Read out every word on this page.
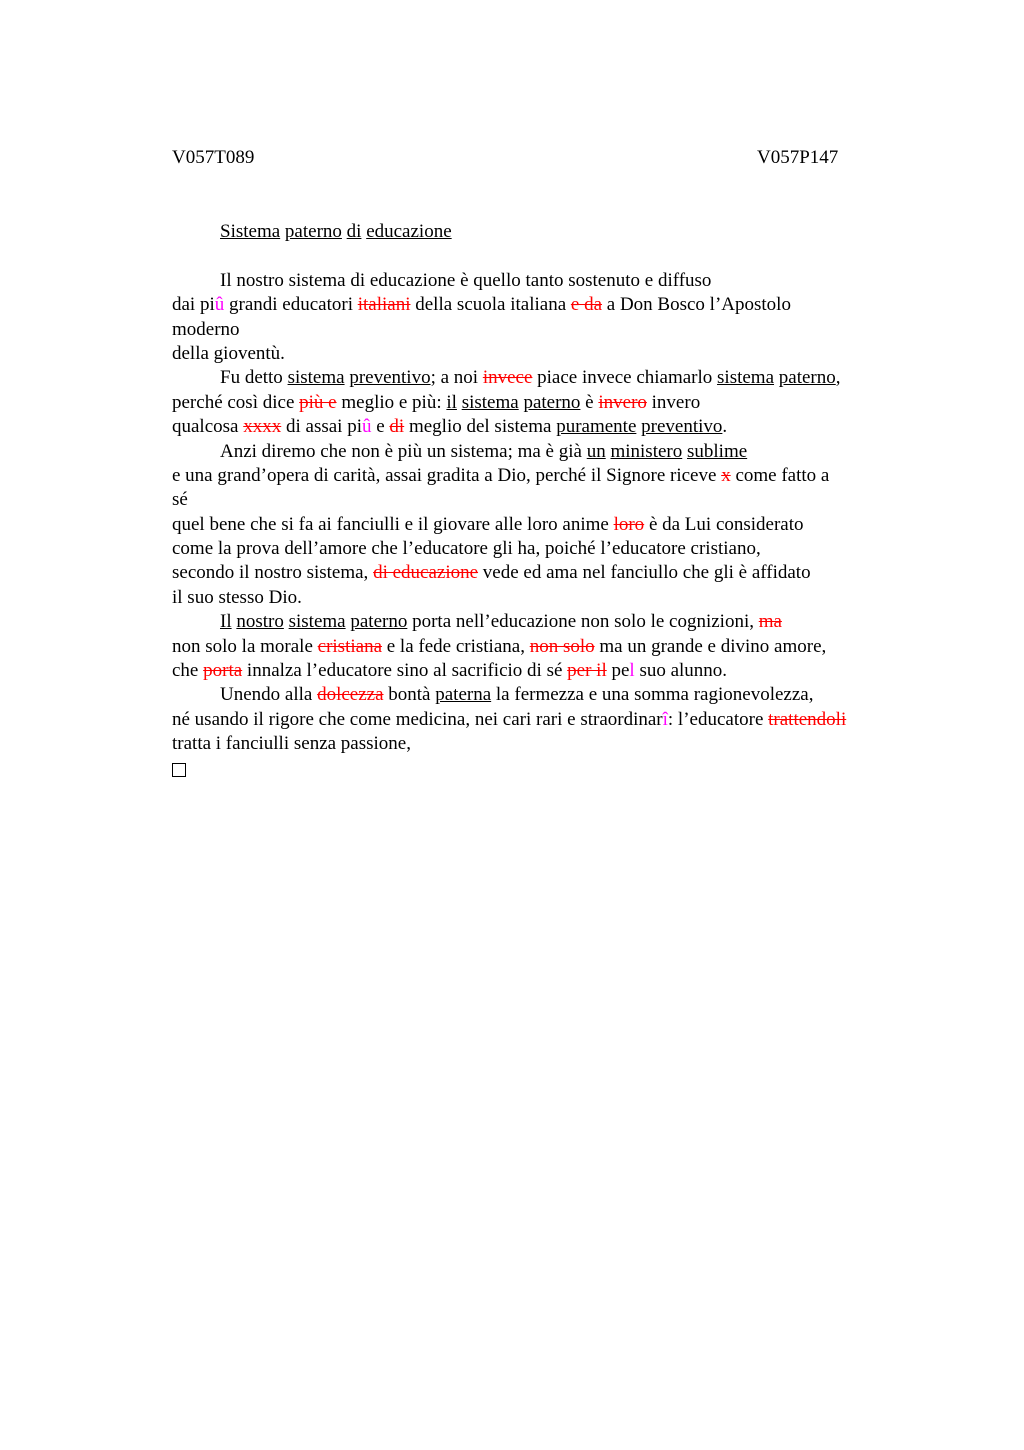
V057T089	V057P147
Sistema paterno di educazione
Il nostro sistema di educazione è quello tanto sostenuto e diffuso
dai piû grandi educatori italiani della scuola italiana e da a Don Bosco l’Apostolo
moderno
della gioventù.
Fu detto sistema preventivo; a noi invece piace invece chiamarlo sistema paterno,
perché così dice più e meglio e più: il sistema paterno è invero invero
qualcosa xxxx di assai piû e di meglio del sistema puramente preventivo.
Anzi diremo che non è più un sistema; ma è già un ministero sublime
e una grand’opera di carità, assai gradita a Dio, perché il Signore riceve x come fatto a
sé
quel bene che si fa ai fanciulli e il giovare alle loro anime loro è da Lui considerato
come la prova dell’amore che l’educatore gli ha, poiché l’educatore cristiano,
secondo il nostro sistema, di educazione vede ed ama nel fanciullo che gli è affidato
il suo stesso Dio.
Il nostro sistema paterno porta nell’educazione non solo le cognizioni, ma
non solo la morale cristiana e la fede cristiana, non solo ma un grande e divino amore,
che porta innalza l’educatore sino al sacrificio di sé per il pel suo alunno.
Unendo alla dolcezza bontà paterna la fermezza e una somma ragionevolezza,
né usando il rigore che come medicina, nei cari rari e straordinarî: l’educatore trattendoli
tratta i fanciulli senza passione,
